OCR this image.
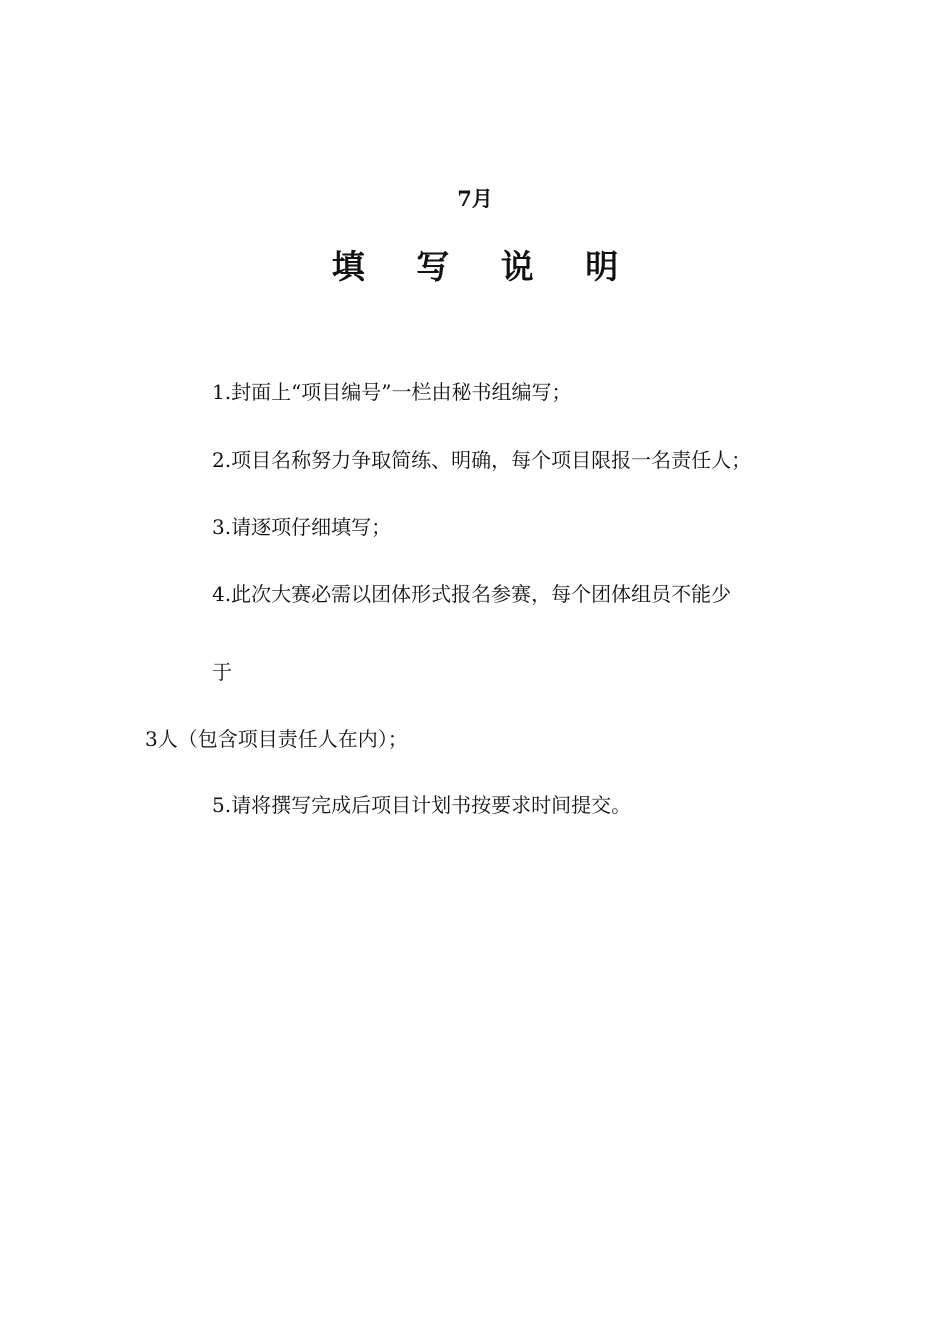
7月
填 写 说 明
1.封面上“项目编号”一栏由秘书组编写；
2.项目名称努力争取简练、明确，每个项目限报一名责任人；
3.请逐项仔细填写；
4.此次大赛必需以团体形式报名参赛，每个团体组员不能少
于
3人（包含项目责任人在内）；
5.请将撰写完成后项目计划书按要求时间提交。
